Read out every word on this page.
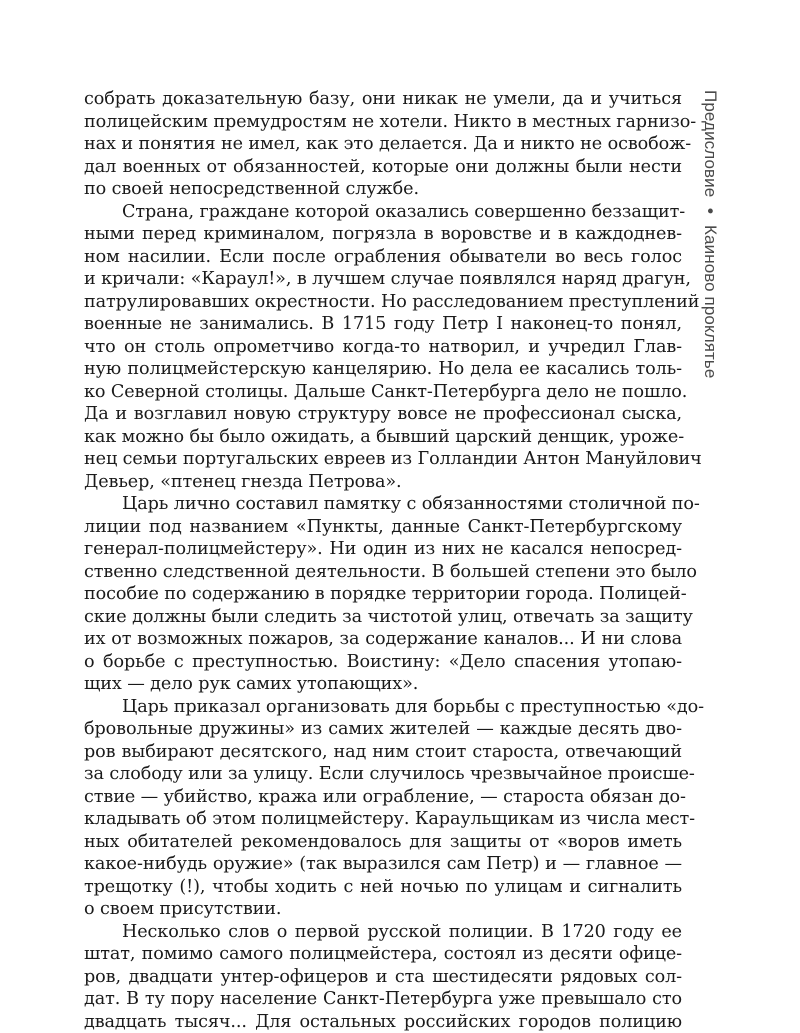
Предисловие • Каиново проклятье
собрать доказательную базу, они никак не умели, да и учиться
полицейским премудростям не хотели. Никто в местных гарнизо-
нах и понятия не имел, как это делается. Да и никто не освобож-
дал военных от обязанностей, которые они должны были нести
по своей непосредственной службе.
Страна, граждане которой оказались совершенно беззащит-
ными перед криминалом, погрязла в воровстве и в каждоднев-
ном насилии. Если после ограбления обыватели во весь голос
и кричали: «Караул!», в лучшем случае появлялся наряд драгун,
патрулировавших окрестности. Но расследованием преступлений
военные не занимались. В 1715 году Петр I наконец-то понял,
что он столь опрометчиво когда-то натворил, и учредил Глав-
ную полицмейстерскую канцелярию. Но дела ее касались толь-
ко Северной столицы. Дальше Санкт-Петербурга дело не пошло.
Да и возглавил новую структуру вовсе не профессионал сыска,
как можно бы было ожидать, а бывший царский денщик, уроже-
нец семьи португальских евреев из Голландии Антон Мануйлович
Девьер, «птенец гнезда Петрова».
Царь лично составил памятку с обязанностями столичной по-
лиции под названием «Пункты, данные Санкт-Петербургскому
генерал-полицмейстеру». Ни один из них не касался непосред-
ственно следственной деятельности. В большей степени это было
пособие по содержанию в порядке территории города. Полицей-
ские должны были следить за чистотой улиц, отвечать за защиту
их от возможных пожаров, за содержание каналов... И ни слова
о борьбе с преступностью. Воистину: «Дело спасения утопаю-
щих — дело рук самих утопающих».
Царь приказал организовать для борьбы с преступностью «до-
бровольные дружины» из самих жителей — каждые десять дво-
ров выбирают десятского, над ним стоит староста, отвечающий
за слободу или за улицу. Если случилось чрезвычайное происше-
ствие — убийство, кража или ограбление, — староста обязан до-
кладывать об этом полицмейстеру. Караульщикам из числа мест-
ных обитателей рекомендовалось для защиты от «воров иметь
какое-нибудь оружие» (так выразился сам Петр) и — главное —
трещотку (!), чтобы ходить с ней ночью по улицам и сигналить
о своем присутствии.
Несколько слов о первой русской полиции. В 1720 году ее
штат, помимо самого полицмейстера, состоял из десяти офице-
ров, двадцати унтер-офицеров и ста шестидесяти рядовых сол-
дат. В ту пору население Санкт-Петербурга уже превышало сто
двадцать тысяч... Для остальных российских городов полицию
